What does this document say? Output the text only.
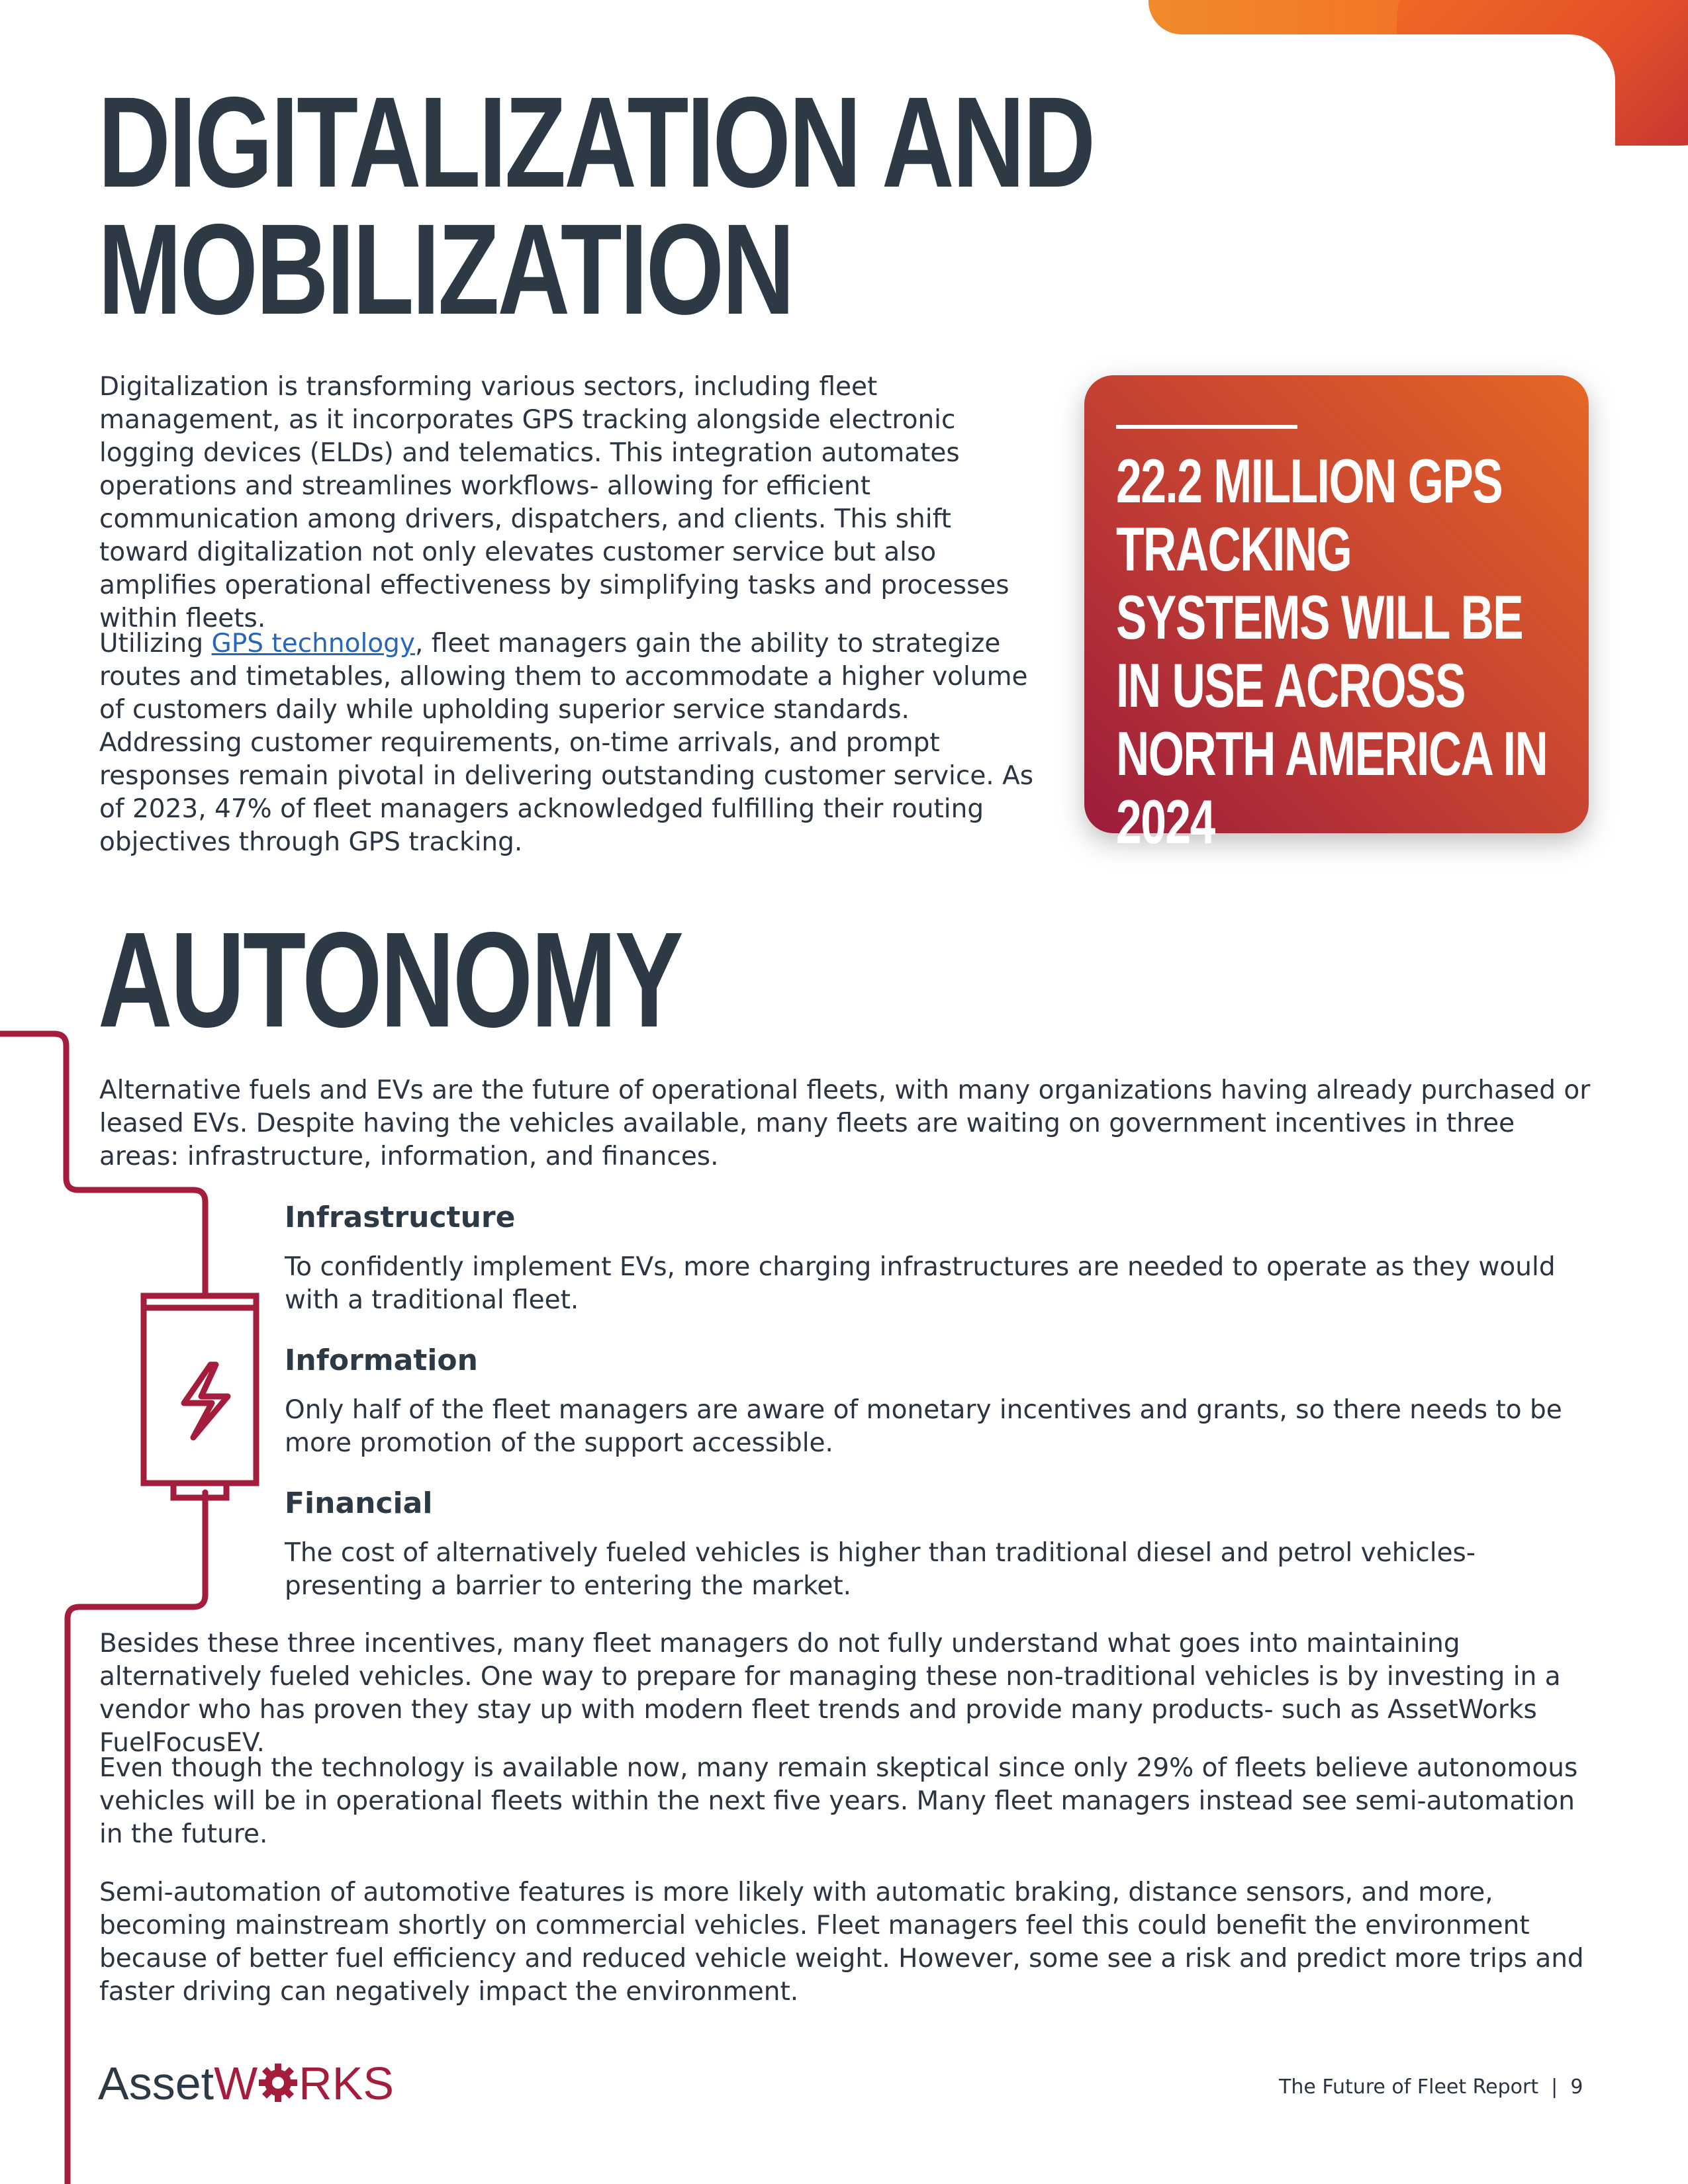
DIGITALIZATION AND
MOBILIZATION

Digitalization is transforming various sectors, including fleet management, as it incorporates GPS tracking alongside electronic logging devices (ELDs) and telematics. This integration automates operations and streamlines workflows- allowing for efficient communication among drivers, dispatchers, and clients. This shift toward digitalization not only elevates customer service but also amplifies operational effectiveness by simplifying tasks and processes within fleets.

Utilizing GPS technology, fleet managers gain the ability to strategize routes and timetables, allowing them to accommodate a higher volume of customers daily while upholding superior service standards. Addressing customer requirements, on-time arrivals, and prompt responses remain pivotal in delivering outstanding customer service. As of 2023, 47% of fleet managers acknowledged fulfilling their routing objectives through GPS tracking.

22.2 MILLION GPS TRACKING SYSTEMS WILL BE IN USE ACROSS NORTH AMERICA IN 2024

AUTONOMY

Alternative fuels and EVs are the future of operational fleets, with many organizations having already purchased or leased EVs. Despite having the vehicles available, many fleets are waiting on government incentives in three areas: infrastructure, information, and finances.

Infrastructure

To confidently implement EVs, more charging infrastructures are needed to operate as they would with a traditional fleet.

Information

Only half of the fleet managers are aware of monetary incentives and grants, so there needs to be more promotion of the support accessible.

Financial

The cost of alternatively fueled vehicles is higher than traditional diesel and petrol vehicles- presenting a barrier to entering the market.

Besides these three incentives, many fleet managers do not fully understand what goes into maintaining alternatively fueled vehicles. One way to prepare for managing these non-traditional vehicles is by investing in a vendor who has proven they stay up with modern fleet trends and provide many products- such as AssetWorks FuelFocusEV.

Even though the technology is available now, many remain skeptical since only 29% of fleets believe autonomous vehicles will be in operational fleets within the next five years. Many fleet managers instead see semi-automation in the future.

Semi-automation of automotive features is more likely with automatic braking, distance sensors, and more, becoming mainstream shortly on commercial vehicles. Fleet managers feel this could benefit the environment because of better fuel efficiency and reduced vehicle weight. However, some see a risk and predict more trips and faster driving can negatively impact the environment.

AssetW RKS	The Future of Fleet Report  |  9
